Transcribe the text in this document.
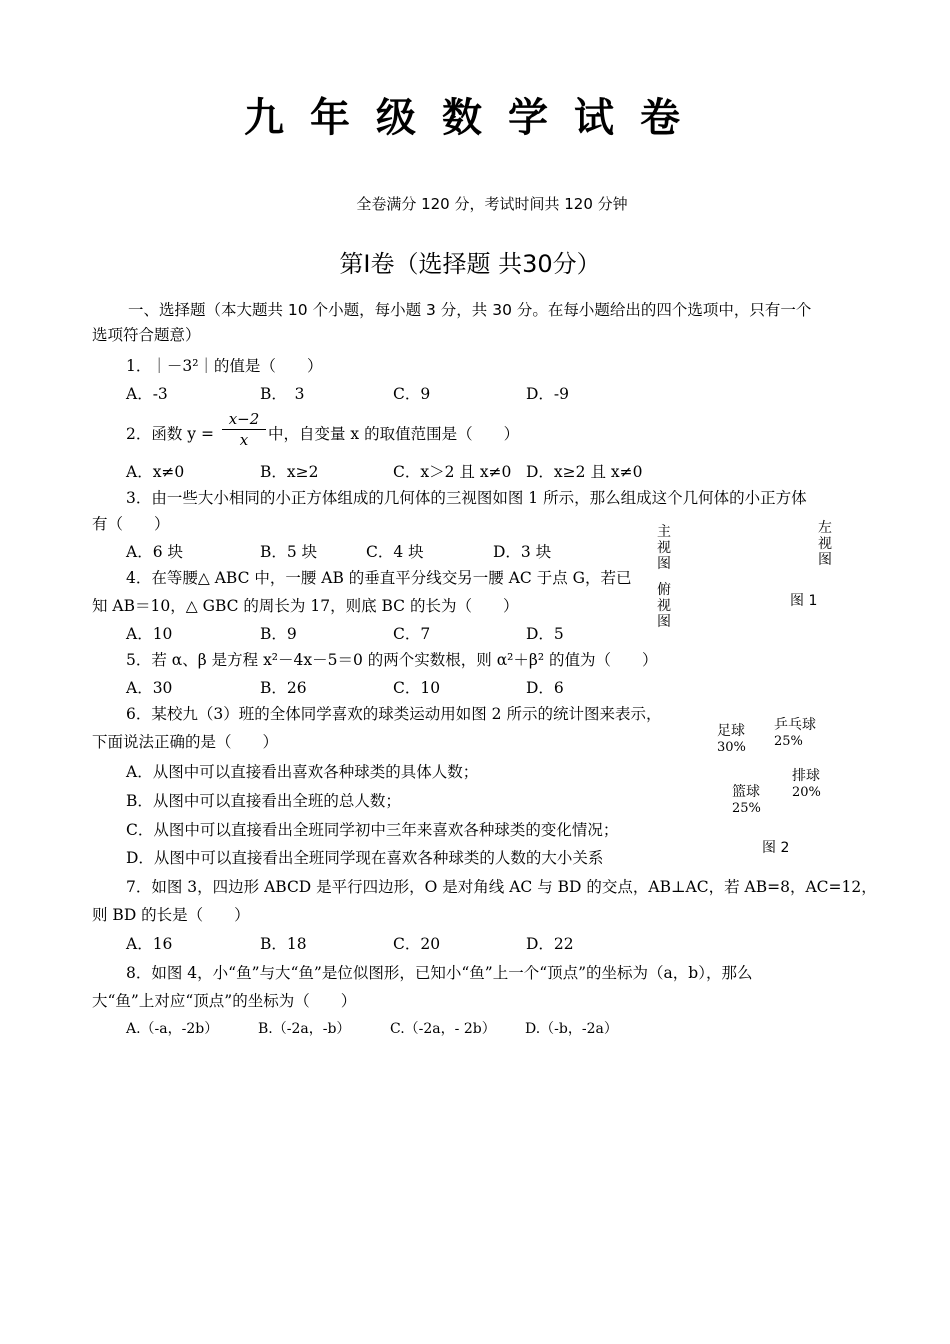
九年级数学试卷
全卷满分 120 分，考试时间共 120 分钟
第Ⅰ卷（选择题 共30分）
一、选择题（本大题共 10 个小题，每小题 3 分，共 30 分。在每小题给出的四个选项中，只有一个
选项符合题意）
1．｜－3²｜的值是（　　）
A．-3	B．　3	C．9	D．-9
2．函数 y =
x−2
x	中，自变量 x 的取值范围是（　　）
A．x≠0	B．x≥2	C．x＞2 且 x≠0 D．x≥2 且 x≠0
3．由一些大小相同的小正方体组成的几何体的三视图如图 1 所示，那么组成这个几何体的小正方体
有（　　）
A．6 块	B．5 块	C．4 块	D．3 块
主视图
左视图
俯视图
图 1
4．在等腰△ ABC 中，一腰 AB 的垂直平分线交另一腰 AC 于点 G，若已
知 AB＝10，△ GBC 的周长为 17，则底 BC 的长为（　　）
A．10	B．9	C．7	D．5
5．若 α、β 是方程 x²－4x－5＝0 的两个实数根，则 α²＋β² 的值为（　　）
A．30	B．26	C．10	D．6
6．某校九（3）班的全体同学喜欢的球类运动用如图 2 所示的统计图来表示，
下面说法正确的是（　　）
A．从图中可以直接看出喜欢各种球类的具体人数；
B．从图中可以直接看出全班的总人数；
C．从图中可以直接看出全班同学初中三年来喜欢各种球类的变化情况；
D．从图中可以直接看出全班同学现在喜欢各种球类的人数的大小关系
足球
30%
乒乓球
25%
排球
20%
篮球
25%
图 2
7．如图 3，四边形 ABCD 是平行四边形，O 是对角线 AC 与 BD 的交点，AB⊥AC，若 AB=8，AC=12，
则 BD 的长是（　　）
A．16	B．18	C．20	D．22
8．如图 4，小“鱼”与大“鱼”是位似图形，已知小“鱼”上一个“顶点”的坐标为（a，b），那么
大“鱼”上对应“顶点”的坐标为（　　）
A.（-a，-2b）	B.（-2a，-b）	C.（-2a，- 2b） D.（-b，-2a）
